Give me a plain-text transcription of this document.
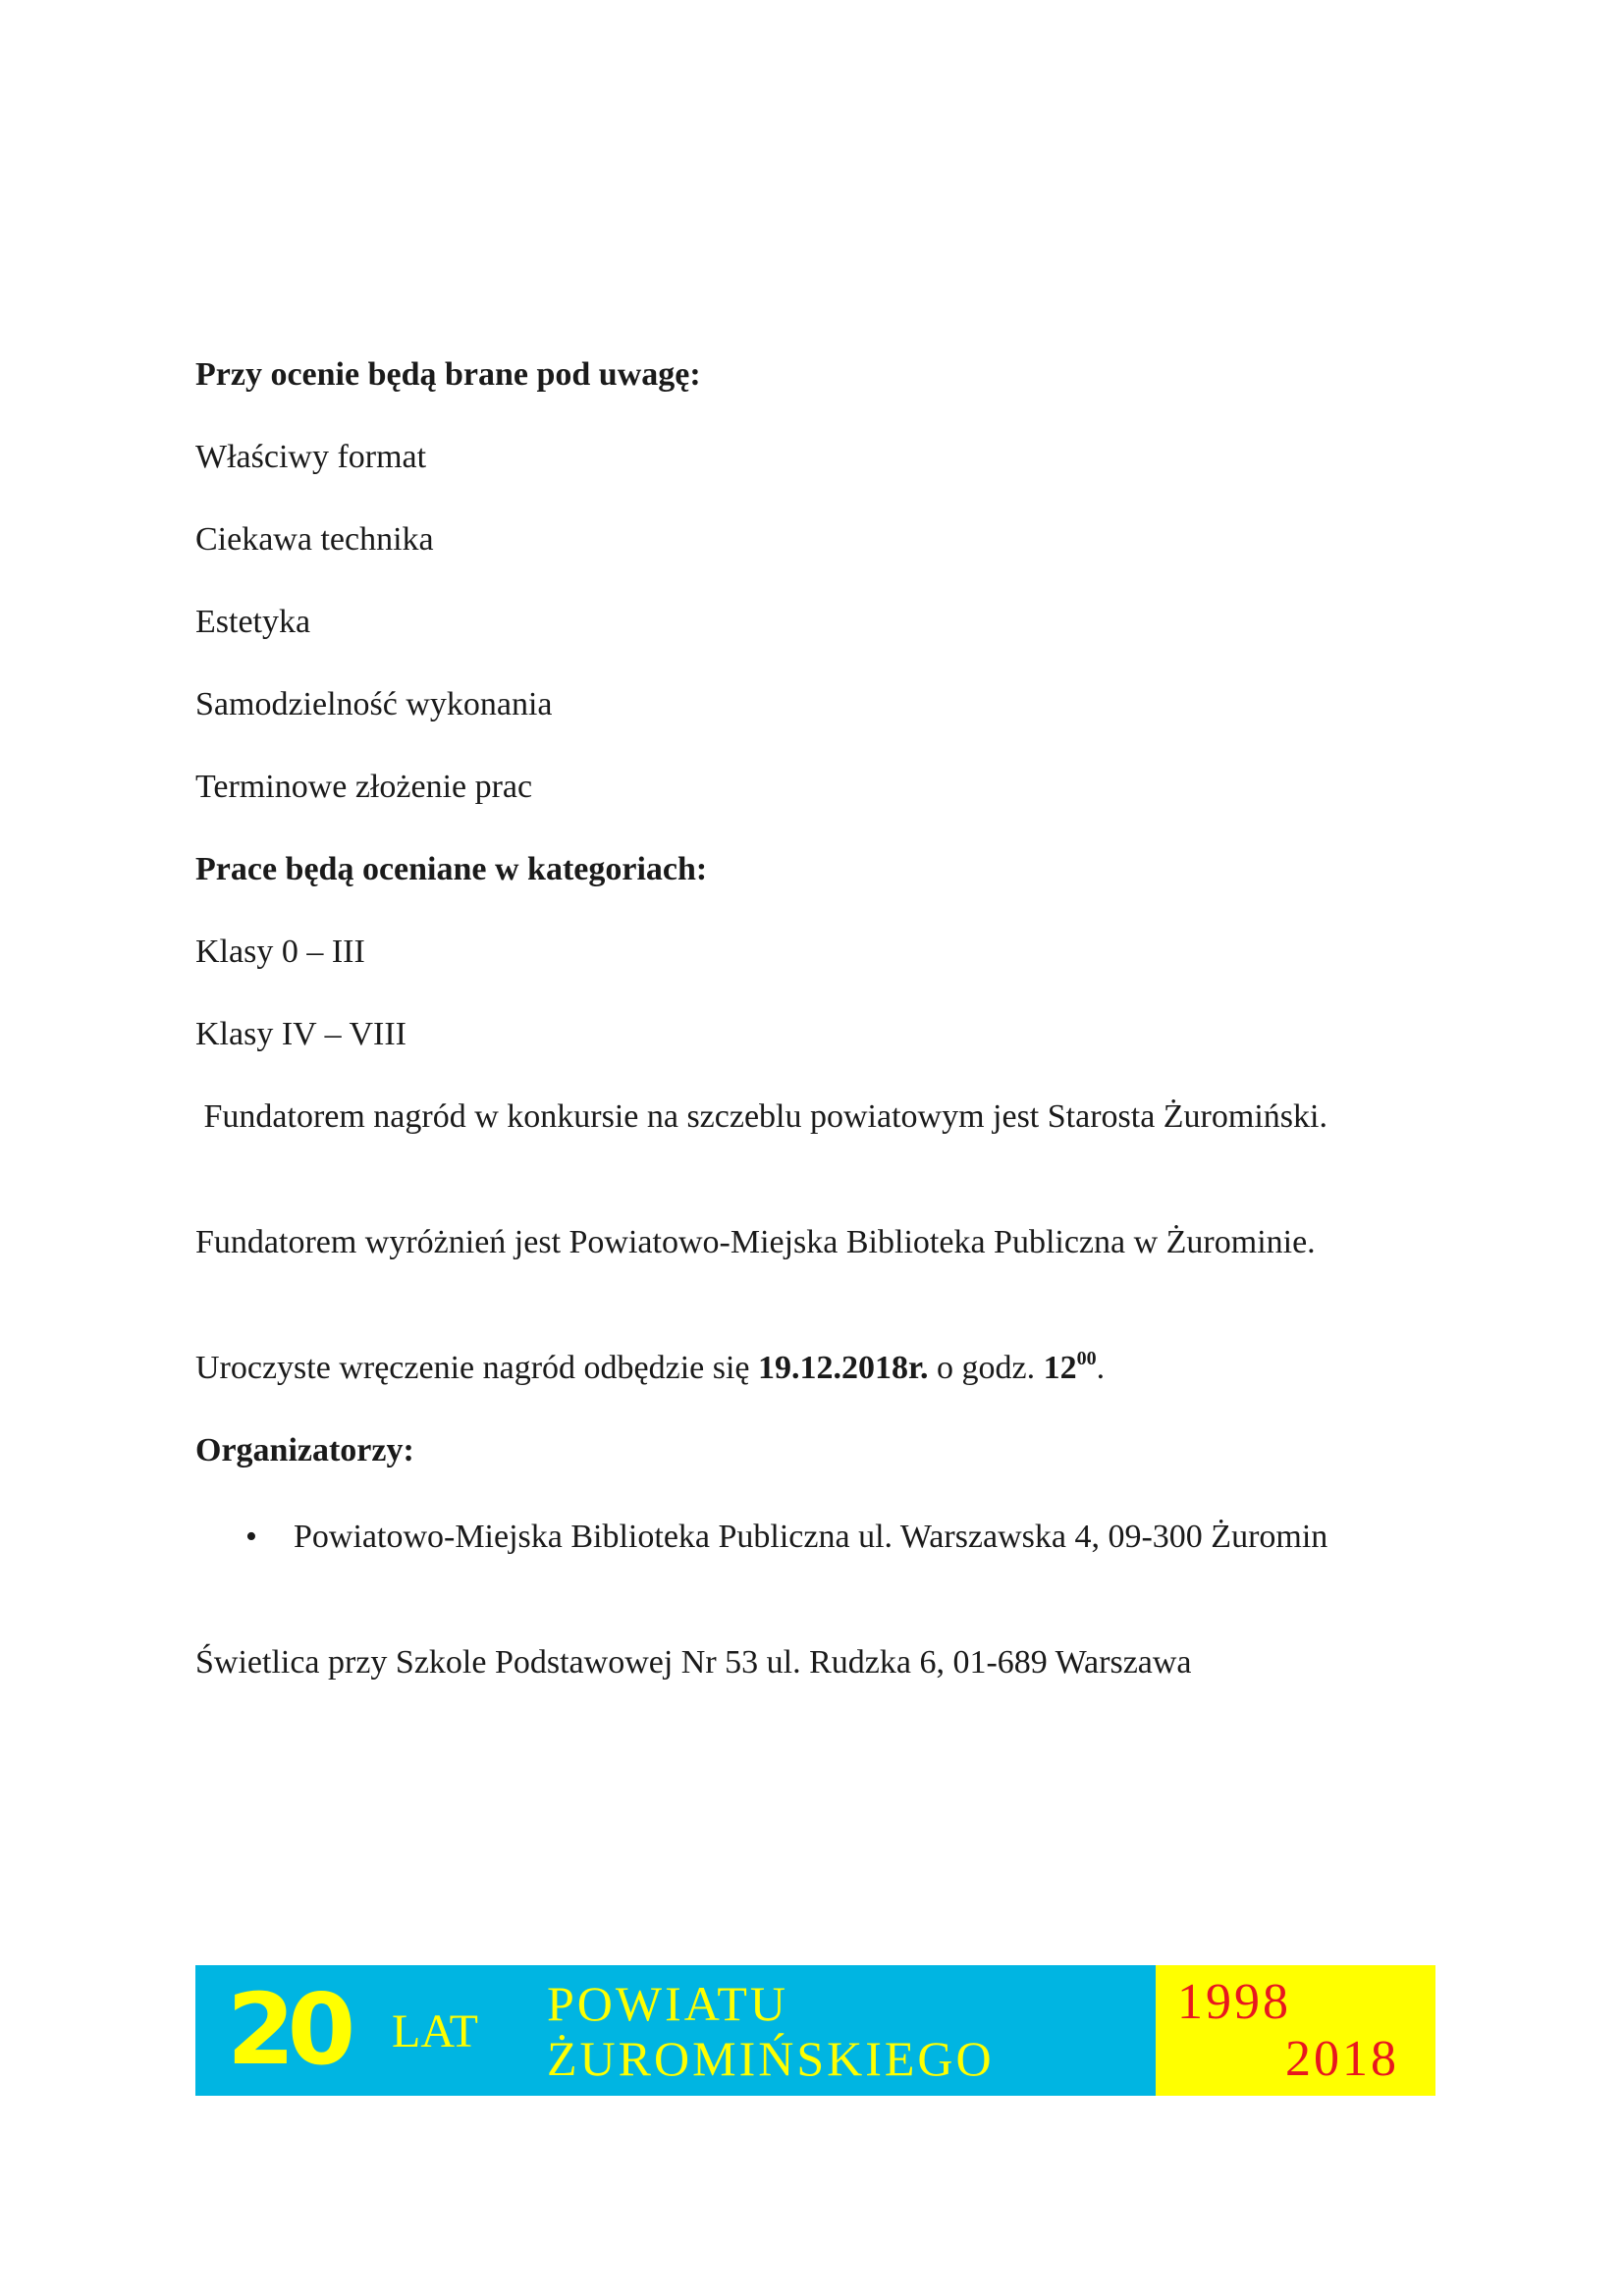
Przy ocenie będą brane pod uwagę:

Właściwy format

Ciekawa technika

Estetyka

Samodzielność wykonania

Terminowe złożenie prac

Prace będą oceniane w kategoriach:

Klasy 0 – III

Klasy IV – VIII

Fundatorem nagród w konkursie na szczeblu powiatowym jest Starosta Żuromiński.

Fundatorem wyróżnień jest Powiatowo-Miejska Biblioteka Publiczna w Żurominie.

Uroczyste wręczenie nagród odbędzie się 19.12.2018r. o godz. $12^{00}$.

Organizatorzy:

• Powiatowo-Miejska Biblioteka Publiczna ul. Warszawska 4, 09-300 Żuromin

Świetlica przy Szkole Podstawowej Nr 53 ul. Rudzka 6, 01-689 Warszawa

20 LAT
POWIATU
ŻUROMIŃSKIEGO
1998
2018
